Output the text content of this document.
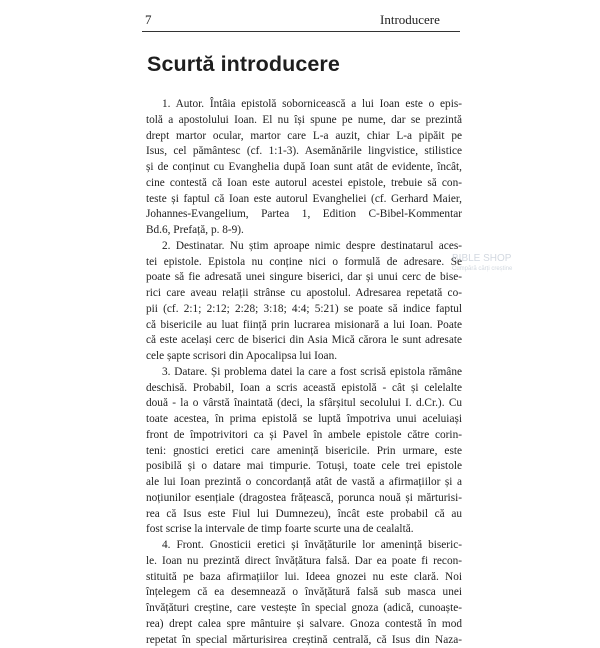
7	Introducere
Scurtă introducere
1. Autor. Întâia epistolă sobornicească a lui Ioan este o epis-
tolă a apostolului Ioan. El nu își spune pe nume, dar se prezintă
drept martor ocular, martor care L-a auzit, chiar L-a pipăit pe
Isus, cel pământesc (cf. 1:1-3). Asemănările lingvistice, stilistice
și de conținut cu Evanghelia după Ioan sunt atât de evidente, încât,
cine contestă că Ioan este autorul acestei epistole, trebuie să con-
teste și faptul că Ioan este autorul Evangheliei (cf. Gerhard Maier,
Johannes-Evangelium, Partea 1, Edition C-Bibel-Kommentar
Bd.6, Prefață, p. 8-9).
2. Destinatar. Nu știm aproape nimic despre destinatarul aces-
tei epistole. Epistola nu conține nici o formulă de adresare. Se
poate să fie adresată unei singure biserici, dar și unui cerc de bise-
rici care aveau relații strânse cu apostolul. Adresarea repetată co-
pii (cf. 2:1; 2:12; 2:28; 3:18; 4:4; 5:21) se poate să indice faptul
că bisericile au luat ființă prin lucrarea misionară a lui Ioan. Poate
că este același cerc de biserici din Asia Mică cărora le sunt adresate
cele șapte scrisori din Apocalipsa lui Ioan.
3. Datare. Și problema datei la care a fost scrisă epistola rămâne
deschisă. Probabil, Ioan a scris această epistolă - cât și celelalte
două - la o vârstă înaintată (deci, la sfârșitul secolului I. d.Cr.). Cu
toate acestea, în prima epistolă se luptă împotriva unui aceluiași
front de împotrivitori ca și Pavel în ambele epistole către corin-
teni: gnostici eretici care amenință bisericile. Prin urmare, este
posibilă și o datare mai timpurie. Totuși, toate cele trei epistole
ale lui Ioan prezintă o concordanță atât de vastă a afirmațiilor și a
noțiunilor esențiale (dragostea frățească, porunca nouă și mărturisi-
rea că Isus este Fiul lui Dumnezeu), încât este probabil că au
fost scrise la intervale de timp foarte scurte una de cealaltă.
4. Front. Gnosticii eretici și învățăturile lor amenință biseric-
le. Ioan nu prezintă direct învățătura falsă. Dar ea poate fi recon-
stituită pe baza afirmațiilor lui. Ideea gnozei nu este clară. Noi
înțelegem că ea desemnează o învățătură falsă sub masca unei
învățături creștine, care vestește în special gnoza (adică, cunoaște-
rea) drept calea spre mântuire și salvare. Gnoza contestă în mod
repetat în special mărturisirea creștină centrală, că Isus din Naza-
BIBLE SHOP
Cumpără cărți creștine
